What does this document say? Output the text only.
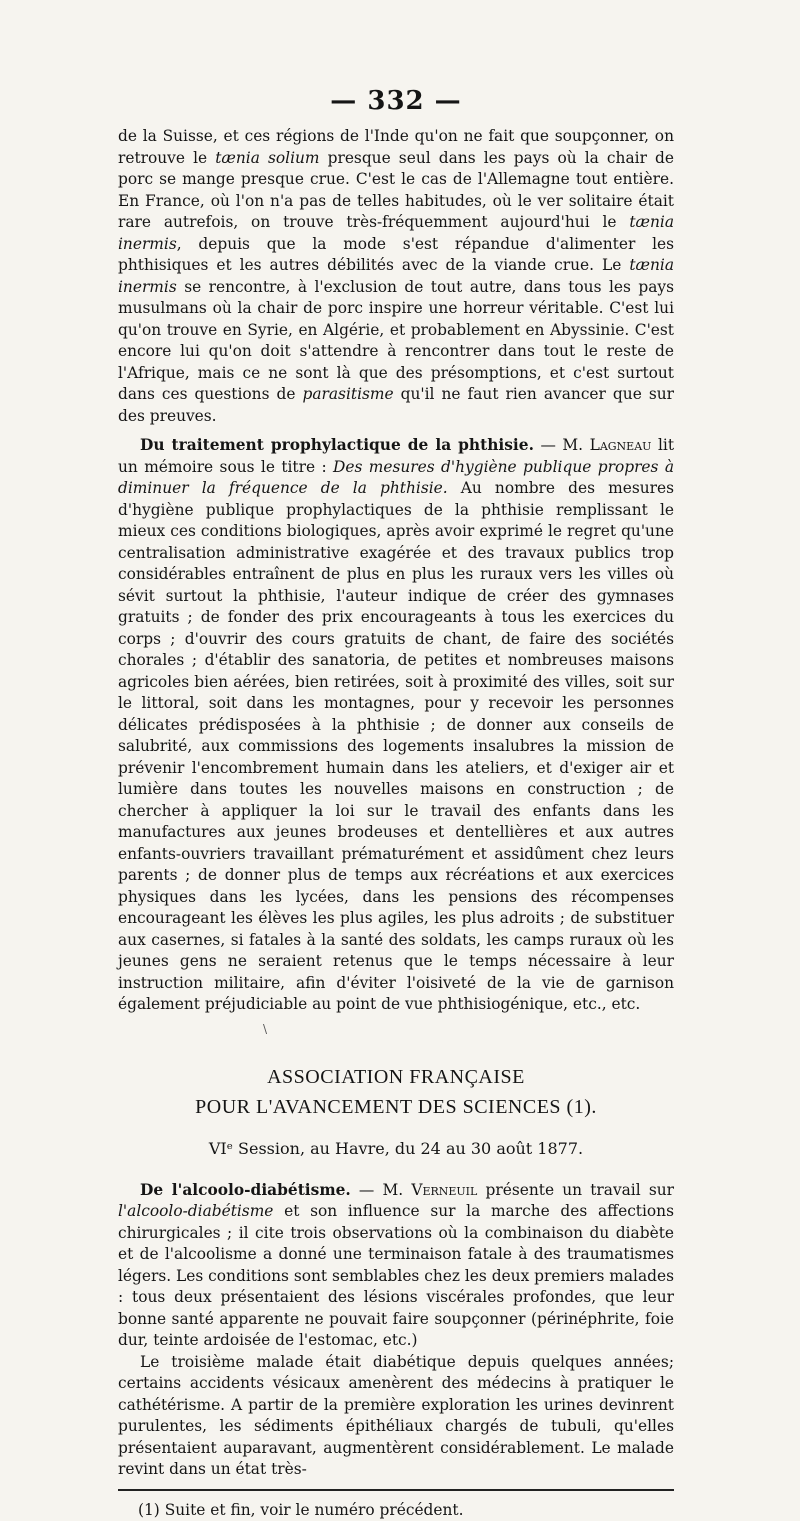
— 332 —

de la Suisse, et ces régions de l'Inde qu'on ne fait que soupçonner, on retrouve le tænia solium presque seul dans les pays où la chair de porc se mange presque crue. C'est le cas de l'Allemagne tout entière. En France, où l'on n'a pas de telles habitudes, où le ver solitaire était rare autrefois, on trouve très-fréquemment aujourd'hui le tænia inermis, depuis que la mode s'est répandue d'alimenter les phthisiques et les autres débilités avec de la viande crue. Le tænia inermis se rencontre, à l'exclusion de tout autre, dans tous les pays musulmans où la chair de porc inspire une horreur véritable. C'est lui qu'on trouve en Syrie, en Algérie, et probablement en Abyssinie. C'est encore lui qu'on doit s'attendre à rencontrer dans tout le reste de l'Afrique, mais ce ne sont là que des présomptions, et c'est surtout dans ces questions de parasitisme qu'il ne faut rien avancer que sur des preuves.

Du traitement prophylactique de la phthisie. — M. Lagneau lit un mémoire sous le titre : Des mesures d'hygiène publique propres à diminuer la fréquence de la phthisie. Au nombre des mesures d'hygiène publique prophylactiques de la phthisie remplissant le mieux ces conditions biologiques, après avoir exprimé le regret qu'une centralisation administrative exagérée et des travaux publics trop considérables entraînent de plus en plus les ruraux vers les villes où sévit surtout la phthisie, l'auteur indique de créer des gymnases gratuits ; de fonder des prix encourageants à tous les exercices du corps ; d'ouvrir des cours gratuits de chant, de faire des sociétés chorales ; d'établir des sanatoria, de petites et nombreuses maisons agricoles bien aérées, bien retirées, soit à proximité des villes, soit sur le littoral, soit dans les montagnes, pour y recevoir les personnes délicates prédisposées à la phthisie ; de donner aux conseils de salubrité, aux commissions des logements insalubres la mission de prévenir l'encombrement humain dans les ateliers, et d'exiger air et lumière dans toutes les nouvelles maisons en construction ; de chercher à appliquer la loi sur le travail des enfants dans les manufactures aux jeunes brodeuses et dentellières et aux autres enfants-ouvriers travaillant prématurément et assidûment chez leurs parents ; de donner plus de temps aux récréations et aux exercices physiques dans les lycées, dans les pensions des récompenses encourageant les élèves les plus agiles, les plus adroits ; de substituer aux casernes, si fatales à la santé des soldats, les camps ruraux où les jeunes gens ne seraient retenus que le temps nécessaire à leur instruction militaire, afin d'éviter l'oisiveté de la vie de garnison également préjudiciable au point de vue phthisiogénique, etc., etc.

\
ASSOCIATION FRANÇAISE
POUR L'AVANCEMENT DES SCIENCES (1).
VIᵉ Session, au Havre, du 24 au 30 août 1877.

De l'alcoolo-diabétisme. — M. Verneuil présente un travail sur l'alcoolo-diabétisme et son influence sur la marche des affections chirurgicales ; il cite trois observations où la combinaison du diabète et de l'alcoolisme a donné une terminaison fatale à des traumatismes légers. Les conditions sont semblables chez les deux premiers malades : tous deux présentaient des lésions viscérales profondes, que leur bonne santé apparente ne pouvait faire soupçonner (périnéphrite, foie dur, teinte ardoisée de l'estomac, etc.)

Le troisième malade était diabétique depuis quelques années; certains accidents vésicaux amenèrent des médecins à pratiquer le cathétérisme. A partir de la première exploration les urines devinrent purulentes, les sédiments épithéliaux chargés de tubuli, qu'elles présentaient auparavant, augmentèrent considérablement. Le malade revint dans un état très-

(1) Suite et fin, voir le numéro précédent.
